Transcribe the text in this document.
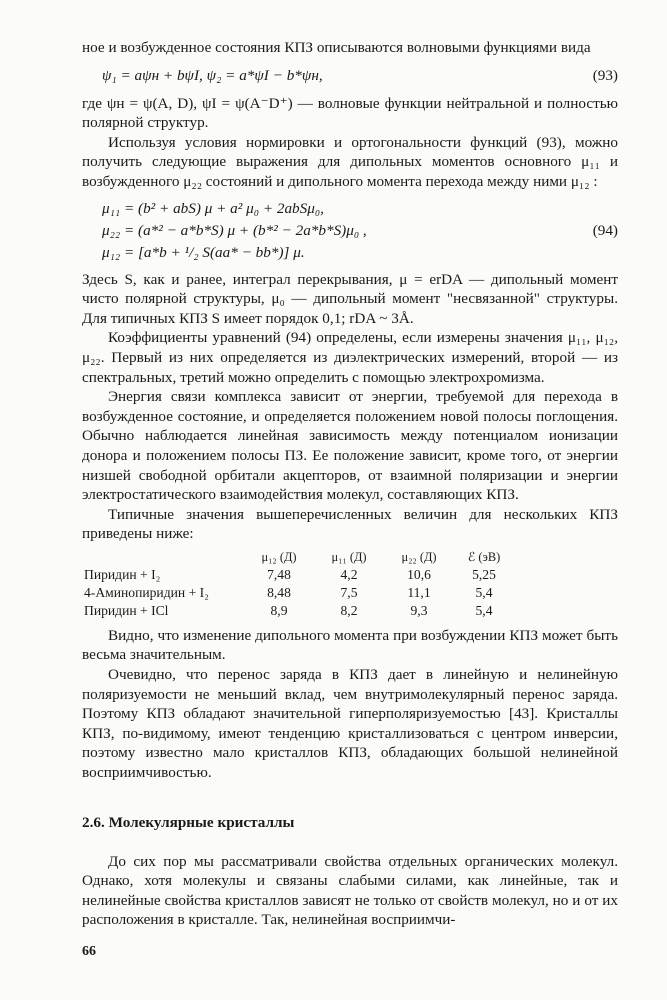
ное и возбужденное состояния КПЗ описываются волновыми функциями вида

ψ₁ = aψн + bψI, ψ₂ = a*ψI − b*ψн,	(93)

где ψн = ψ(A, D), ψI = ψ(A⁻D⁺) — волновые функции нейтральной и полностью полярной структур.

Используя условия нормировки и ортогональности функций (93), можно получить следующие выражения для дипольных моментов основного μ₁₁ и возбужденного μ₂₂ состояний и дипольного момента перехода между ними μ₁₂ :

μ₁₁ = (b² + abS) μ + a² μ₀ + 2abSμ₀,
μ₂₂ = (a*² − a*b*S) μ + (b*² − 2a*b*S)μ₀ ,
μ₁₂ = [a*b + ¹/₂ S(aa* − bb*)] μ.
(94)

Здесь S, как и ранее, интеграл перекрывания, μ = erDA — дипольный момент чисто полярной структуры, μ₀ — дипольный момент "несвязанной" структуры. Для типичных КПЗ S имеет порядок 0,1; rDA ~ 3Å.

Коэффициенты уравнений (94) определены, если измерены значения μ₁₁, μ₁₂, μ₂₂. Первый из них определяется из диэлектрических измерений, второй — из спектральных, третий можно определить с помощью электрохромизма.

Энергия связи комплекса зависит от энергии, требуемой для перехода в возбужденное состояние, и определяется положением новой полосы поглощения. Обычно наблюдается линейная зависимость между потенциалом ионизации донора и положением полосы ПЗ. Ее положение зависит, кроме того, от энергии низшей свободной орбитали акцепторов, от взаимной поляризации и энергии электростатического взаимодействия молекул, составляющих КПЗ.

Типичные значения вышеперечисленных величин для нескольких КПЗ приведены ниже:

	μ₁₂ (Д)	μ₁₁ (Д)	μ₂₂ (Д)	ℰ (эВ)
Пиридин + I₂	7,48	4,2	10,6	5,25
4-Аминопиридин + I₂	8,48	7,5	11,1	5,4
Пиридин + ICl	8,9	8,2	9,3	5,4

Видно, что изменение дипольного момента при возбуждении КПЗ может быть весьма значительным.

Очевидно, что перенос заряда в КПЗ дает в линейную и нелинейную поляризуемости не меньший вклад, чем внутримолекулярный перенос заряда. Поэтому КПЗ обладают значительной гиперполяризуемостью [43]. Кристаллы КПЗ, по-видимому, имеют тенденцию кристаллизоваться с центром инверсии, поэтому известно мало кристаллов КПЗ, обладающих большой нелинейной восприимчивостью.

2.6. Молекулярные кристаллы

До сих пор мы рассматривали свойства отдельных органических молекул. Однако, хотя молекулы и связаны слабыми силами, как линейные, так и нелинейные свойства кристаллов зависят не только от свойств молекул, но и от их расположения в кристалле. Так, нелинейная восприимчи-

66
